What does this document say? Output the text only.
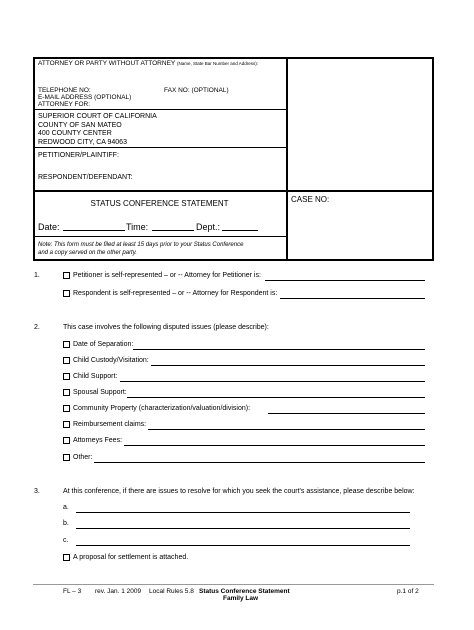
ATTORNEY OR PARTY WITHOUT ATTORNEY (Name, State Bar Number and Address):
TELEPHONE NO:	FAX NO: (OPTIONAL)
E-MAIL ADDRESS (OPTIONAL)
ATTORNEY FOR:
SUPERIOR COURT OF CALIFORNIA
COUNTY OF SAN MATEO
400 COUNTY CENTER
REDWOOD CITY, CA 94063
PETITIONER/PLAINTIFF:
RESPONDENT/DEFENDANT:
STATUS CONFERENCE STATEMENT	CASE NO:
Date:	Time:	Dept.:
Note: This form must be filed at least 15 days prior to your Status Conference
and a copy served on the other party.
1.	Petitioner is self-represented – or -- Attorney for Petitioner is:
Respondent is self-represented – or -- Attorney for Respondent is:
2.	This case involves the following disputed issues (please describe):
Date of Separation:
Child Custody/Visitation:
Child Support:
Spousal Support:
Community Property (characterization/valuation/division):
Reimbursement claims:
Attorneys Fees:
Other:
3.	At this conference, if there are issues to resolve for which you seek the court's assistance, please describe below:
a.
b.
c.
A proposal for settlement is attached.
FL – 3 rev. Jan. 1 2009 Local Rules 5.8 Status Conference Statement
Family Law
p.1 of 2
